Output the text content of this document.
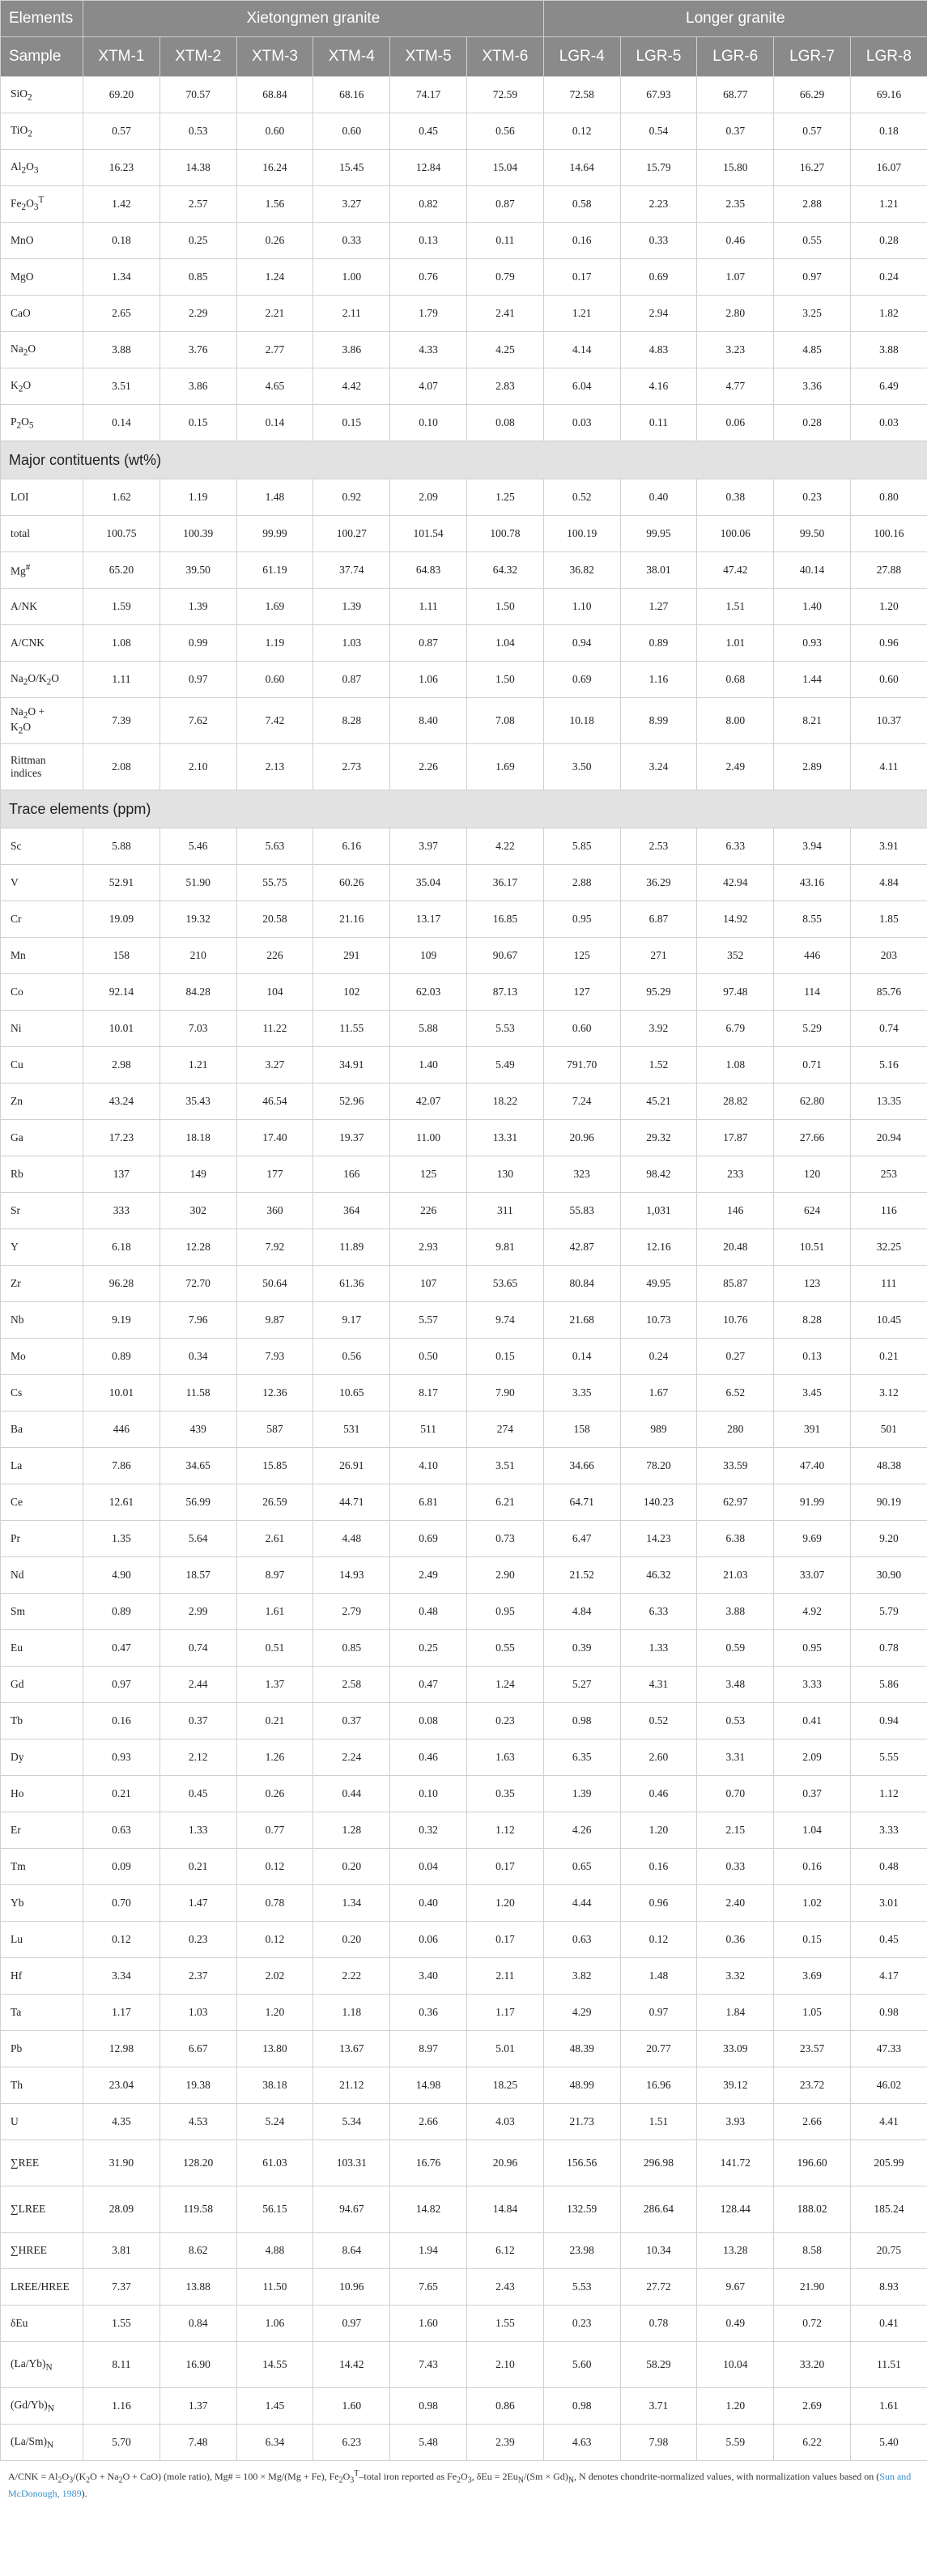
Elements	Xietongmen granite						Longer granite				
Sample	XTM-1	XTM-2	XTM-3	XTM-4	XTM-5	XTM-6	LGR-4	LGR-5	LGR-6	LGR-7	LGR-8
SiO$_2$	69.20	70.57	68.84	68.16	74.17	72.59	72.58	67.93	68.77	66.29	69.16
TiO$_2$	0.57	0.53	0.60	0.60	0.45	0.56	0.12	0.54	0.37	0.57	0.18
$Al_2O_3$	16.23	14.38	16.24	15.45	12.84	15.04	14.64	15.79	15.80	16.27	16.07
$Fe_2O_3^T$	1.42	2.57	1.56	3.27	0.82	0.87	0.58	2.23	2.35	2.88	1.21
MnO	0.18	0.25	0.26	0.33	0.13	0.11	0.16	0.33	0.46	0.55	0.28
MgO	1.34	0.85	1.24	1.00	0.76	0.79	0.17	0.69	1.07	0.97	0.24
CaO	2.65	2.29	2.21	2.11	1.79	2.41	1.21	2.94	2.80	3.25	1.82
$Na_2O$	3.88	3.76	2.77	3.86	4.33	4.25	4.14	4.83	3.23	4.85	3.88
$K_2O$	3.51	3.86	4.65	4.42	4.07	2.83	6.04	4.16	4.77	3.36	6.49
$P_2O_5$	0.14	0.15	0.14	0.15	0.10	0.08	0.03	0.11	0.06	0.28	0.03
Major contituents (wt%)											
LOI	1.62	1.19	1.48	0.92	2.09	1.25	0.52	0.40	0.38	0.23	0.80
total	100.75	100.39	99.99	100.27	101.54	100.78	100.19	99.95	100.06	99.50	100.16
Mg#	65.20	39.50	61.19	37.74	64.83	64.32	36.82	38.01	47.42	40.14	27.88
A/NK	1.59	1.39	1.69	1.39	1.11	1.50	1.10	1.27	1.51	1.40	1.20
A/CNK	1.08	0.99	1.19	1.03	0.87	1.04	0.94	0.89	1.01	0.93	0.96
$Na_2O/K_2O$	1.11	0.97	0.60	0.87	1.06	1.50	0.69	1.16	0.68	1.44	0.60
$Na_2O$ +
$K_2O$	7.39	7.62	7.42	8.28	8.40	7.08	10.18	8.99	8.00	8.21	10.37
Rittman
indices	2.08	2.10	2.13	2.73	2.26	1.69	3.50	3.24	2.49	2.89	4.11
Trace elements (ppm)											
Sc	5.88	5.46	5.63	6.16	3.97	4.22	5.85	2.53	6.33	3.94	3.91
V	52.91	51.90	55.75	60.26	35.04	36.17	2.88	36.29	42.94	43.16	4.84
Cr	19.09	19.32	20.58	21.16	13.17	16.85	0.95	6.87	14.92	8.55	1.85
Mn	158	210	226	291	109	90.67	125	271	352	446	203
Co	92.14	84.28	104	102	62.03	87.13	127	95.29	97.48	114	85.76
Ni	10.01	7.03	11.22	11.55	5.88	5.53	0.60	3.92	6.79	5.29	0.74
Cu	2.98	1.21	3.27	34.91	1.40	5.49	791.70	1.52	1.08	0.71	5.16
Zn	43.24	35.43	46.54	52.96	42.07	18.22	7.24	45.21	28.82	62.80	13.35
Ga	17.23	18.18	17.40	19.37	11.00	13.31	20.96	29.32	17.87	27.66	20.94
Rb	137	149	177	166	125	130	323	98.42	233	120	253
Sr	333	302	360	364	226	311	55.83	1,031	146	624	116
Y	6.18	12.28	7.92	11.89	2.93	9.81	42.87	12.16	20.48	10.51	32.25
Zr	96.28	72.70	50.64	61.36	107	53.65	80.84	49.95	85.87	123	111
Nb	9.19	7.96	9.87	9.17	5.57	9.74	21.68	10.73	10.76	8.28	10.45
Mo	0.89	0.34	7.93	0.56	0.50	0.15	0.14	0.24	0.27	0.13	0.21
Cs	10.01	11.58	12.36	10.65	8.17	7.90	3.35	1.67	6.52	3.45	3.12
Ba	446	439	587	531	511	274	158	989	280	391	501
La	7.86	34.65	15.85	26.91	4.10	3.51	34.66	78.20	33.59	47.40	48.38
Ce	12.61	56.99	26.59	44.71	6.81	6.21	64.71	140.23	62.97	91.99	90.19
Pr	1.35	5.64	2.61	4.48	0.69	0.73	6.47	14.23	6.38	9.69	9.20
Nd	4.90	18.57	8.97	14.93	2.49	2.90	21.52	46.32	21.03	33.07	30.90
Sm	0.89	2.99	1.61	2.79	0.48	0.95	4.84	6.33	3.88	4.92	5.79
Eu	0.47	0.74	0.51	0.85	0.25	0.55	0.39	1.33	0.59	0.95	0.78
Gd	0.97	2.44	1.37	2.58	0.47	1.24	5.27	4.31	3.48	3.33	5.86
Tb	0.16	0.37	0.21	0.37	0.08	0.23	0.98	0.52	0.53	0.41	0.94
Dy	0.93	2.12	1.26	2.24	0.46	1.63	6.35	2.60	3.31	2.09	5.55
Ho	0.21	0.45	0.26	0.44	0.10	0.35	1.39	0.46	0.70	0.37	1.12
Er	0.63	1.33	0.77	1.28	0.32	1.12	4.26	1.20	2.15	1.04	3.33
Tm	0.09	0.21	0.12	0.20	0.04	0.17	0.65	0.16	0.33	0.16	0.48
Yb	0.70	1.47	0.78	1.34	0.40	1.20	4.44	0.96	2.40	1.02	3.01
Lu	0.12	0.23	0.12	0.20	0.06	0.17	0.63	0.12	0.36	0.15	0.45
Hf	3.34	2.37	2.02	2.22	3.40	2.11	3.82	1.48	3.32	3.69	4.17
Ta	1.17	1.03	1.20	1.18	0.36	1.17	4.29	0.97	1.84	1.05	0.98
Pb	12.98	6.67	13.80	13.67	8.97	5.01	48.39	20.77	33.09	23.57	47.33
Th	23.04	19.38	38.18	21.12	14.98	18.25	48.99	16.96	39.12	23.72	46.02
U	4.35	4.53	5.24	5.34	2.66	4.03	21.73	1.51	3.93	2.66	4.41
∑REE	31.90	128.20	61.03	103.31	16.76	20.96	156.56	296.98	141.72	196.60	205.99
∑LREE	28.09	119.58	56.15	94.67	14.82	14.84	132.59	286.64	128.44	188.02	185.24
∑HREE	3.81	8.62	4.88	8.64	1.94	6.12	23.98	10.34	13.28	8.58	20.75
LREE/HREE	7.37	13.88	11.50	10.96	7.65	2.43	5.53	27.72	9.67	21.90	8.93
δEu	1.55	0.84	1.06	0.97	1.60	1.55	0.23	0.78	0.49	0.72	0.41
$(La/Yb)_N$	8.11	16.90	14.55	14.42	7.43	2.10	5.60	58.29	10.04	33.20	11.51
$(Gd/Yb)_N$	1.16	1.37	1.45	1.60	0.98	0.86	0.98	3.71	1.20	2.69	1.61
$(La/Sm)_N$	5.70	7.48	6.34	6.23	5.48	2.39	4.63	7.98	5.59	6.22	5.40
$A/CNK = Al_2O_3/(K_2O + Na_2O + CaO)$ (mole ratio), Mg# = 100 × Mg/(Mg + Fe), $Fe_2O_3^T$–total iron reported as $Fe_2O_3$, $\delta Eu = 2Eu_N/(Sm \times Gd)_N$, N denotes chondrite-normalized values, with normalization values based on (Sun and McDonough, 1989).
